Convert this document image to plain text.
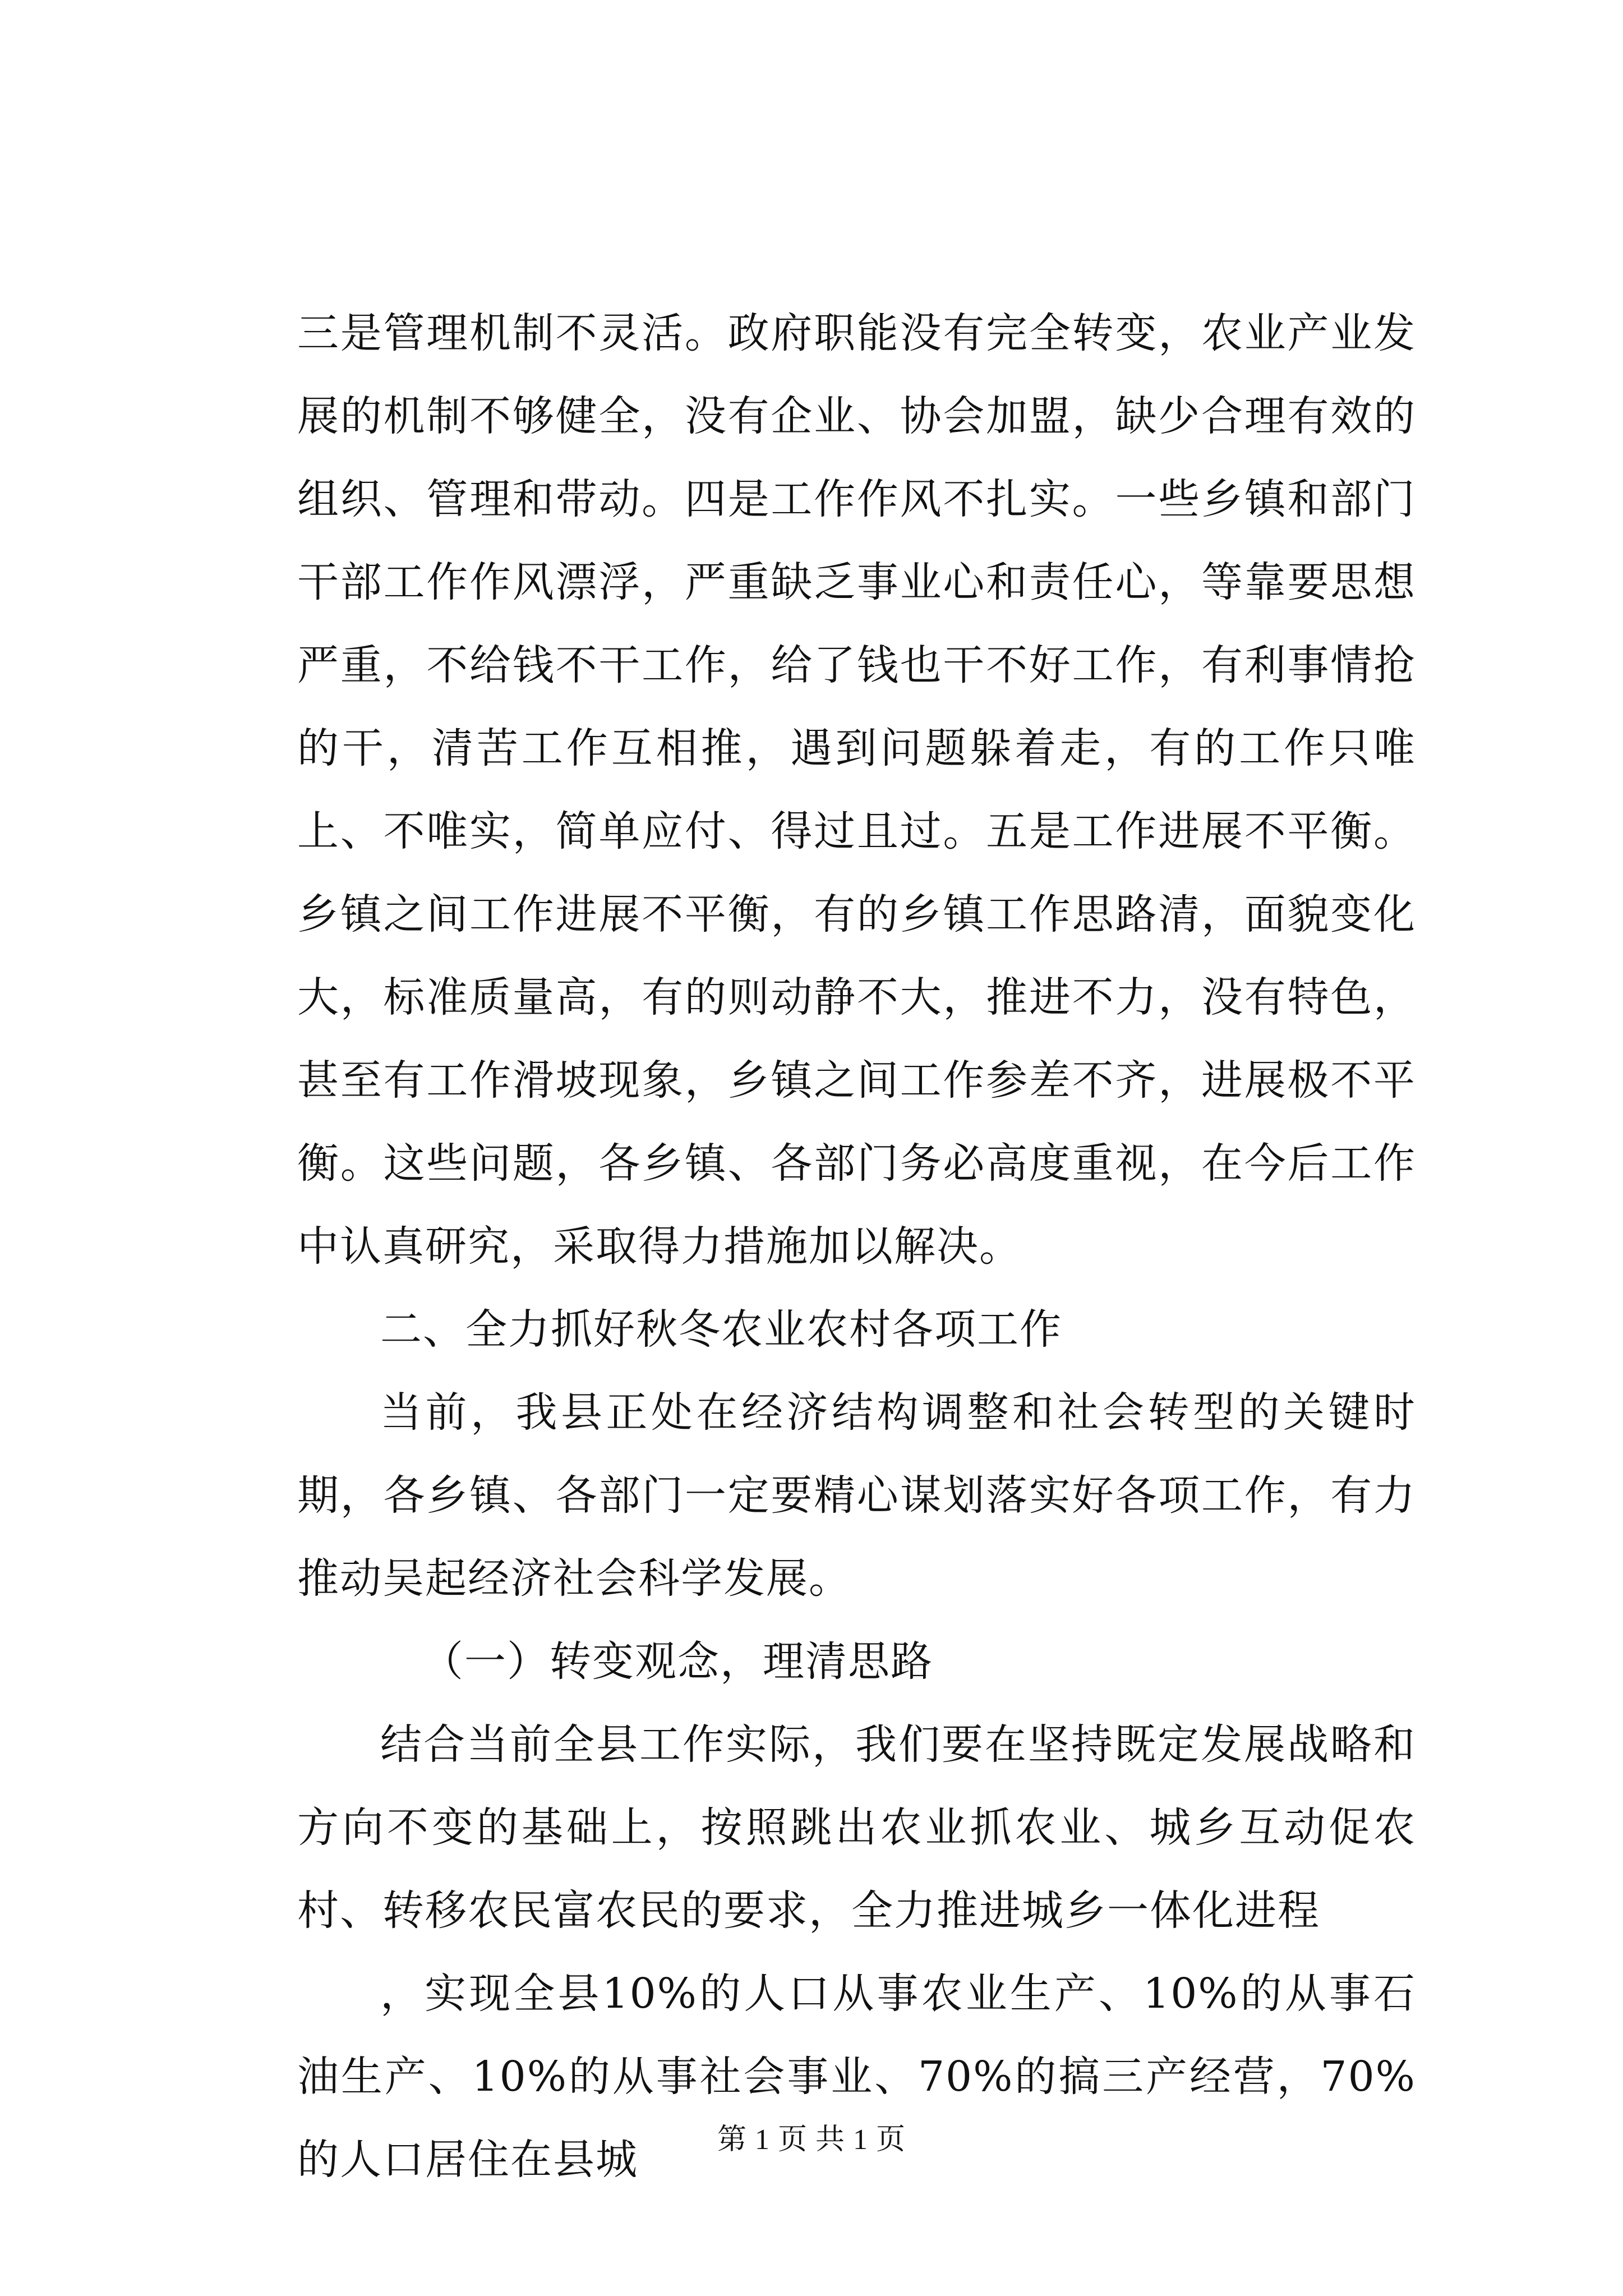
三是管理机制不灵活。政府职能没有完全转变，农业产业发展的机制不够健全，没有企业、协会加盟，缺少合理有效的组织、管理和带动。四是工作作风不扎实。一些乡镇和部门干部工作作风漂浮，严重缺乏事业心和责任心，等靠要思想严重，不给钱不干工作，给了钱也干不好工作，有利事情抢的干，清苦工作互相推，遇到问题躲着走，有的工作只唯上、不唯实，简单应付、得过且过。五是工作进展不平衡。乡镇之间工作进展不平衡，有的乡镇工作思路清，面貌变化大，标准质量高，有的则动静不大，推进不力，没有特色，甚至有工作滑坡现象，乡镇之间工作参差不齐，进展极不平衡。这些问题，各乡镇、各部门务必高度重视，在今后工作中认真研究，采取得力措施加以解决。

二、全力抓好秋冬农业农村各项工作

当前，我县正处在经济结构调整和社会转型的关键时期，各乡镇、各部门一定要精心谋划落实好各项工作，有力推动吴起经济社会科学发展。

（一）转变观念，理清思路

结合当前全县工作实际，我们要在坚持既定发展战略和方向不变的基础上，按照跳出农业抓农业、城乡互动促农村、转移农民富农民的要求，全力推进城乡一体化进程

，实现全县10%的人口从事农业生产、10%的从事石油生产、10%的从事社会事业、70%的搞三产经营，70%的人口居住在县城	第 1 页 共 1 页
